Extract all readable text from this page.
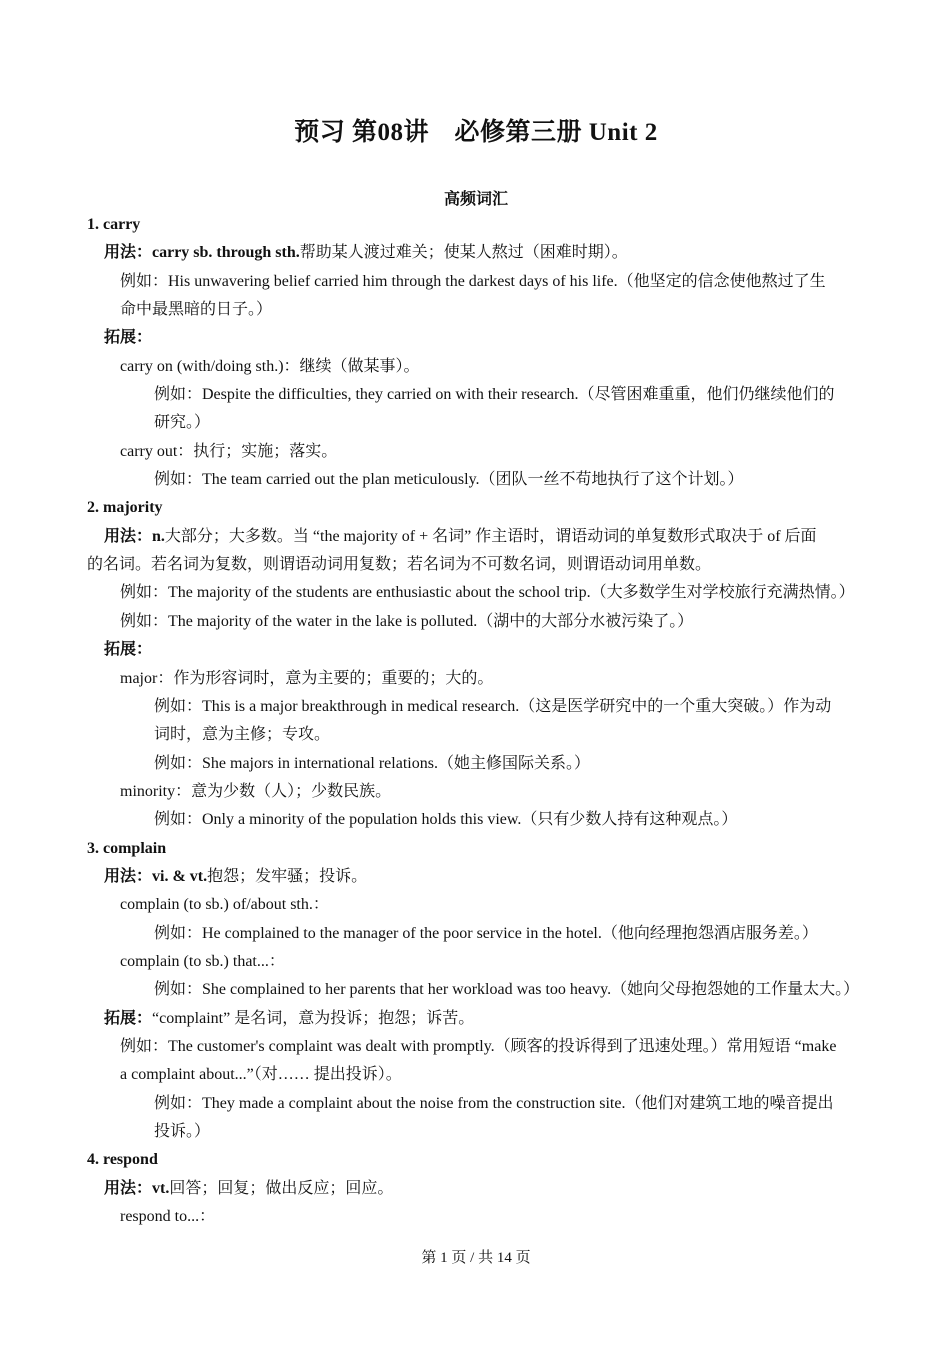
预习 第08讲　必修第三册 Unit 2
高频词汇
1. carry
用法：carry sb. through sth.帮助某人渡过难关；使某人熬过（困难时期）。
例如：His unwavering belief carried him through the darkest days of his life.（他坚定的信念使他熬过了生
命中最黑暗的日子。）
拓展：
carry on (with/doing sth.)：继续（做某事）。
例如：Despite the difficulties, they carried on with their research.（尽管困难重重，他们仍继续他们的
研究。）
carry out：执行；实施；落实。
例如：The team carried out the plan meticulously.（团队一丝不苟地执行了这个计划。）
2. majority
用法：n.大部分；大多数。当 “the majority of + 名词” 作主语时，谓语动词的单复数形式取决于 of 后面
的名词。若名词为复数，则谓语动词用复数；若名词为不可数名词，则谓语动词用单数。
例如：The majority of the students are enthusiastic about the school trip.（大多数学生对学校旅行充满热情。）
例如：The majority of the water in the lake is polluted.（湖中的大部分水被污染了。）
拓展：
major：作为形容词时，意为主要的；重要的；大的。
例如：This is a major breakthrough in medical research.（这是医学研究中的一个重大突破。）作为动
词时，意为主修；专攻。
例如：She majors in international relations.（她主修国际关系。）
minority：意为少数（人）；少数民族。
例如：Only a minority of the population holds this view.（只有少数人持有这种观点。）
3. complain
用法：vi. & vt.抱怨；发牢骚；投诉。
complain (to sb.) of/about sth.：
例如：He complained to the manager of the poor service in the hotel.（他向经理抱怨酒店服务差。）
complain (to sb.) that...：
例如：She complained to her parents that her workload was too heavy.（她向父母抱怨她的工作量太大。）
拓展：“complaint” 是名词，意为投诉；抱怨；诉苦。
例如：The customer's complaint was dealt with promptly.（顾客的投诉得到了迅速处理。）常用短语 “make
a complaint about...”（对…… 提出投诉）。
例如：They made a complaint about the noise from the construction site.（他们对建筑工地的噪音提出
投诉。）
4. respond
用法：vt.回答；回复；做出反应；回应。
respond to...：
第 1 页 / 共 14 页
